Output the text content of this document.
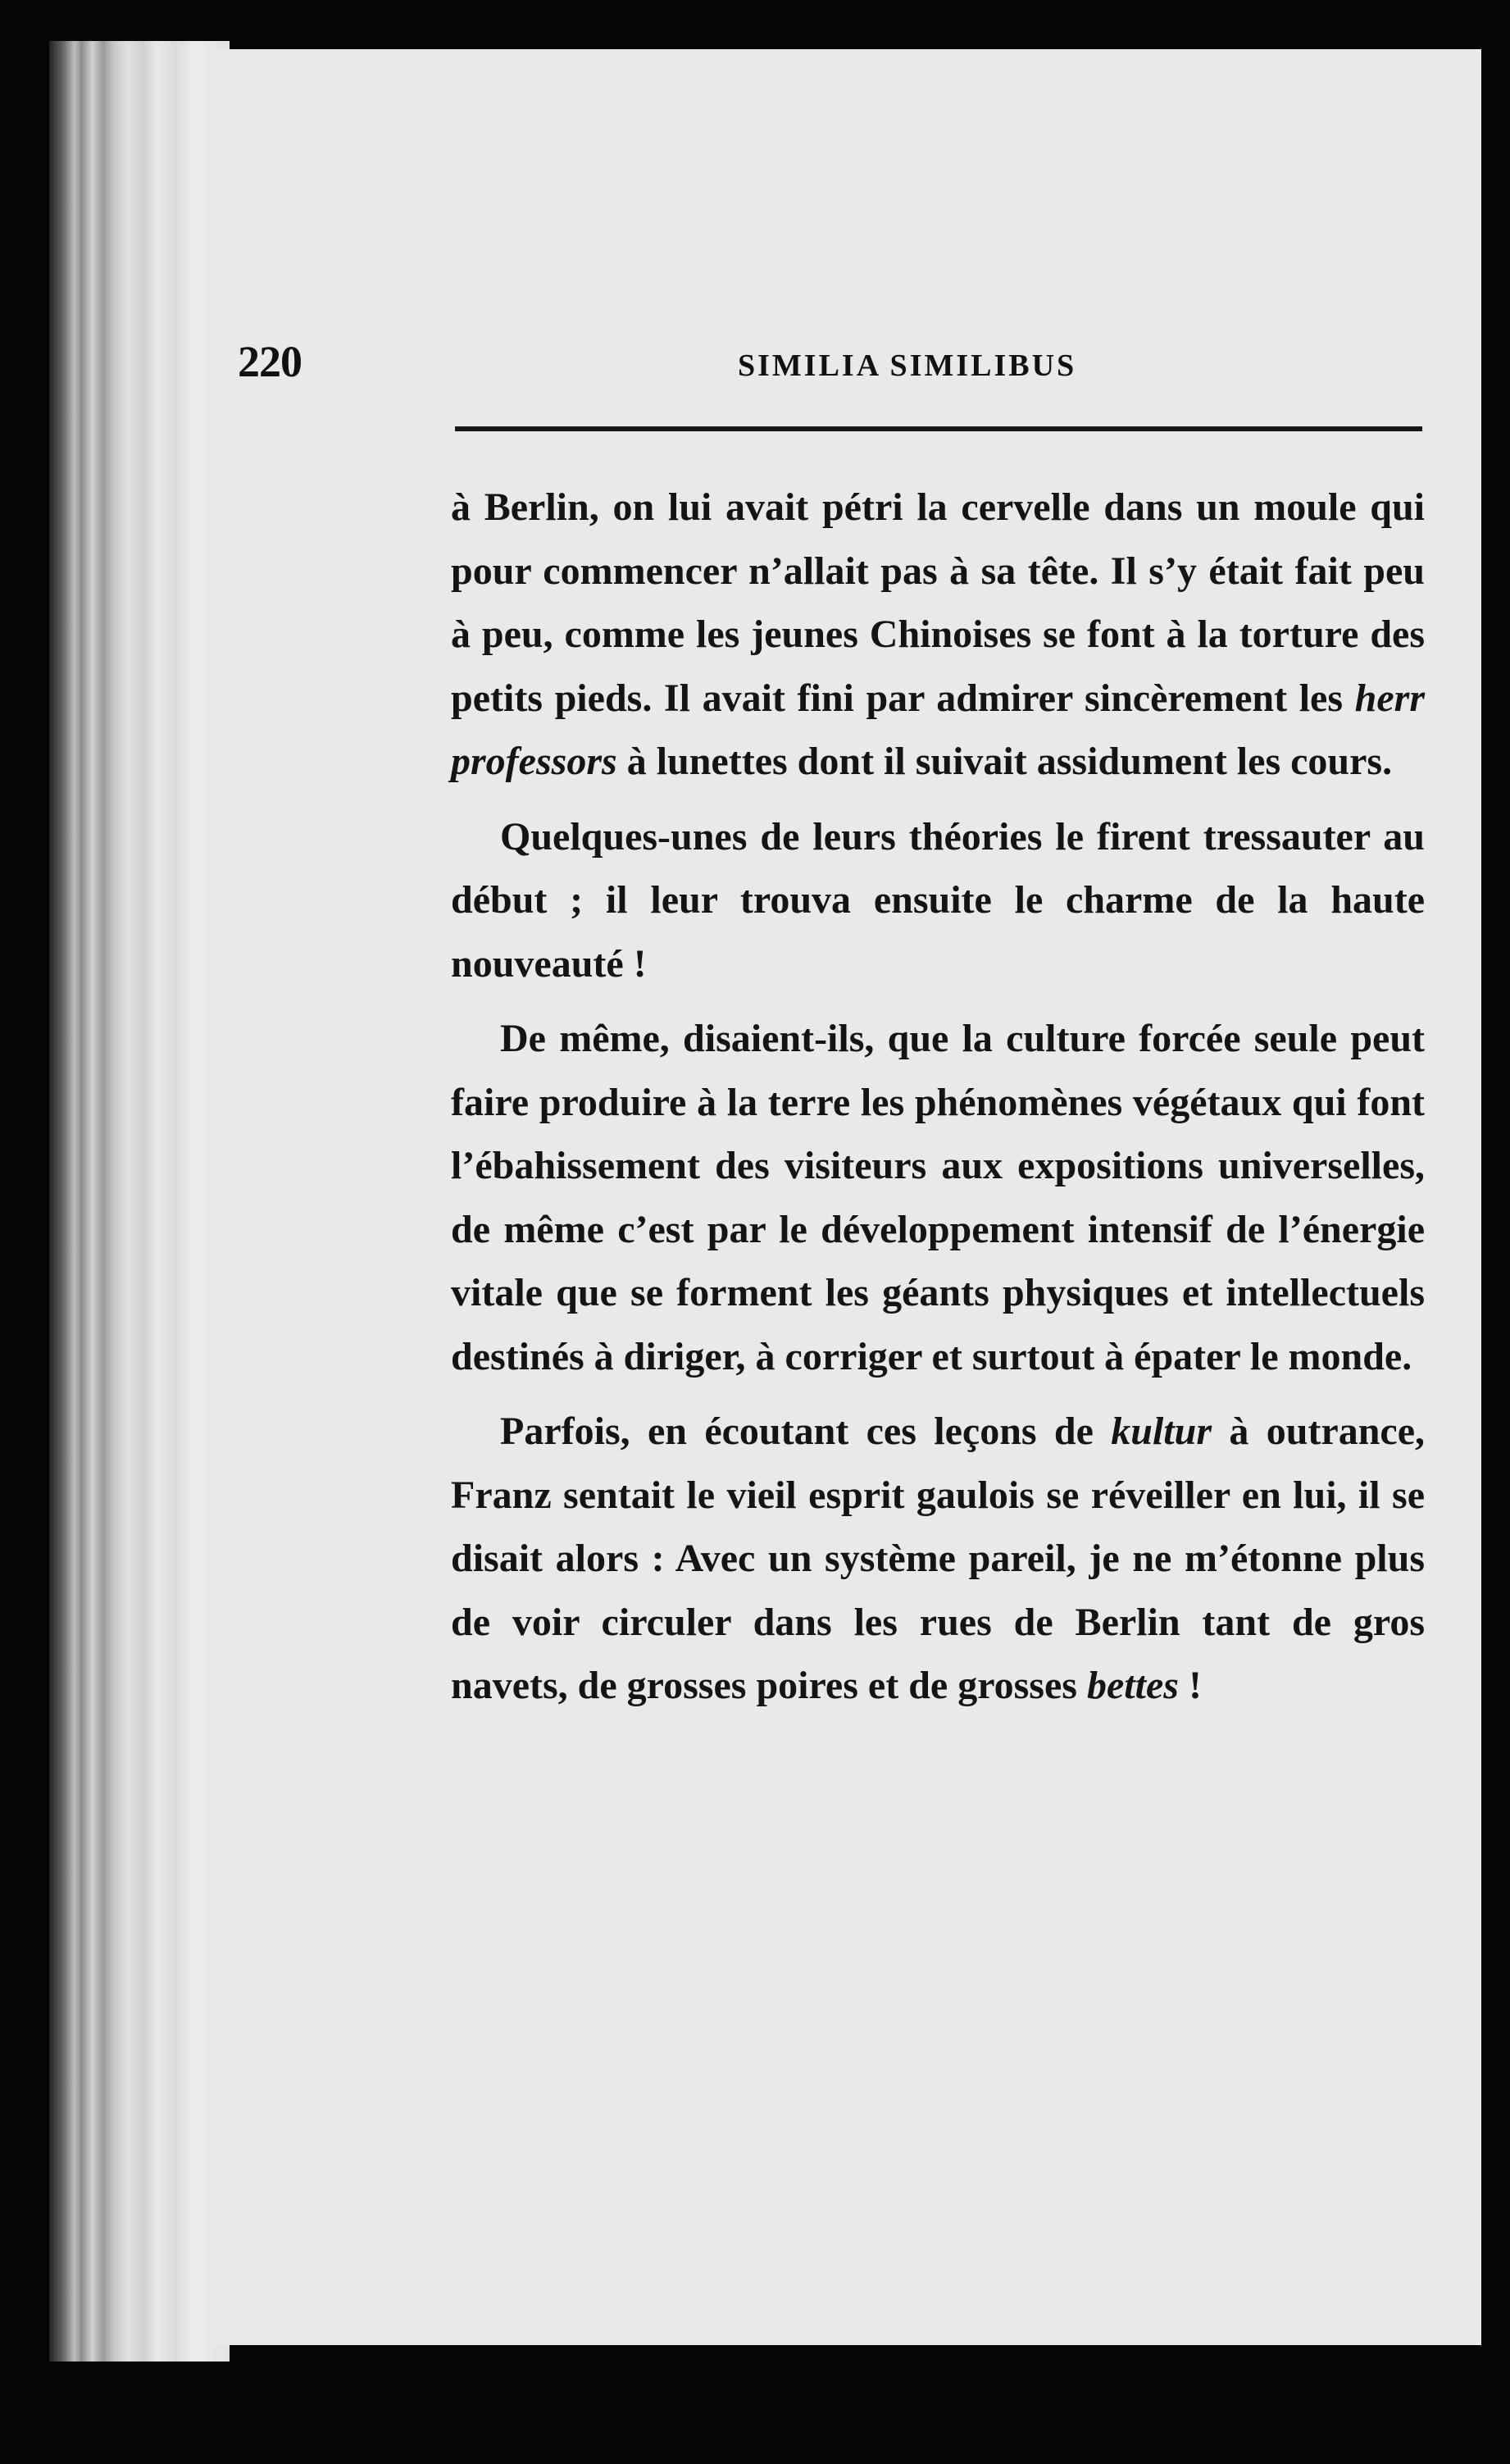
220	SIMILIA SIMILIBUS

à Berlin, on lui avait pétri la cervelle dans un moule qui pour commencer n’allait pas à sa tête. Il s’y était fait peu à peu, comme les jeunes Chinoises se font à la torture des petits pieds. Il avait fini par admirer sincèrement les herr professors à lunettes dont il suivait assidument les cours.

Quelques-unes de leurs théories le firent tressauter au début ; il leur trouva ensuite le charme de la haute nouveauté !

De même, disaient-ils, que la culture forcée seule peut faire produire à la terre les phénomènes végétaux qui font l’ébahissement des visiteurs aux expositions universelles, de même c’est par le développement intensif de l’énergie vitale que se forment les géants physiques et intellectuels destinés à diriger, à corriger et surtout à épater le monde.

Parfois, en écoutant ces leçons de kultur à outrance, Franz sentait le vieil esprit gaulois se réveiller en lui, il se disait alors : Avec un système pareil, je ne m’étonne plus de voir circuler dans les rues de Berlin tant de gros navets, de grosses poires et de grosses bettes !
